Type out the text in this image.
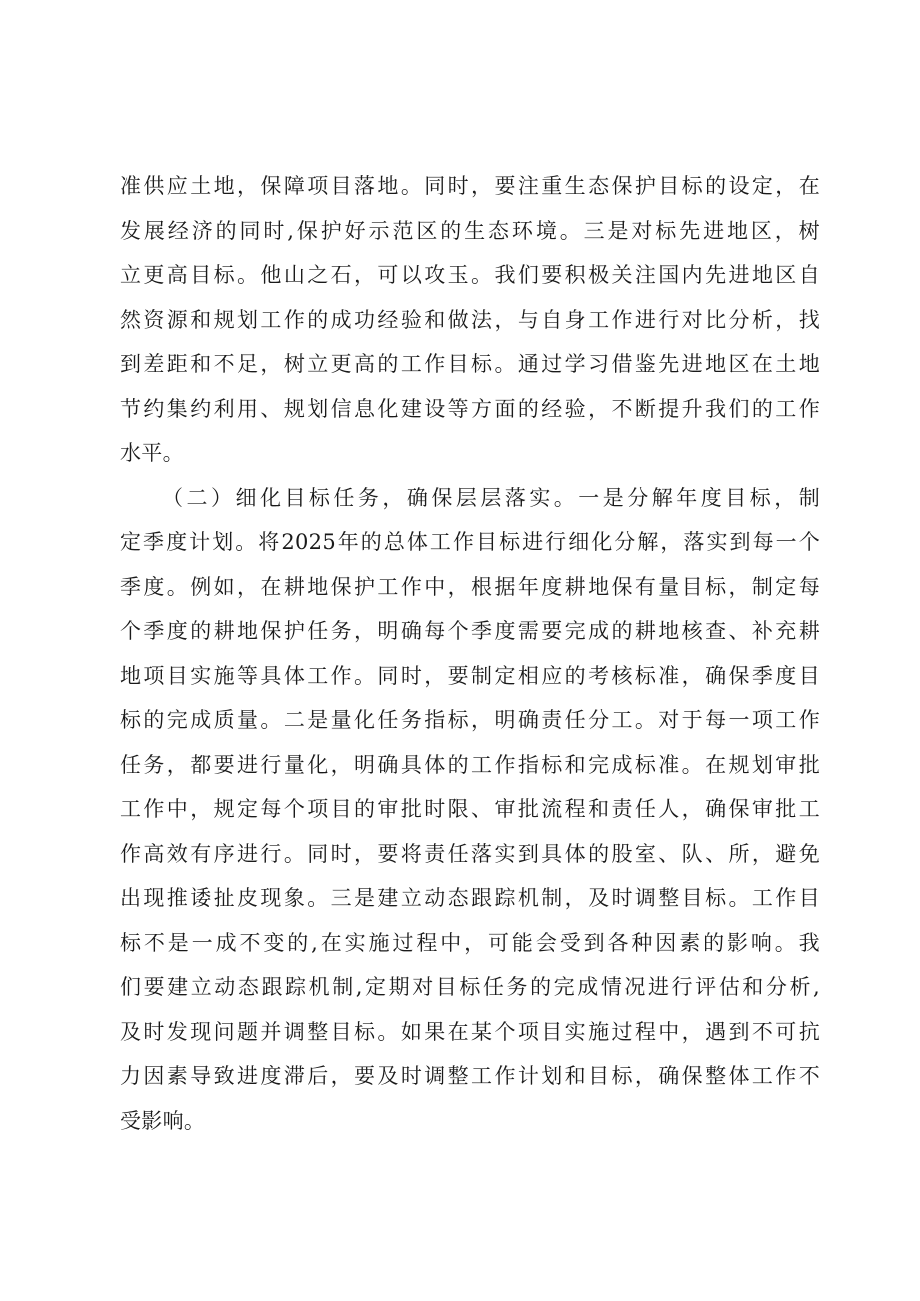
准供应土地，保障项目落地。同时，要注重生态保护目标的设定，在
发展经济的同时,保护好示范区的生态环境。三是对标先进地区，树
立更高目标。他山之石，可以攻玉。我们要积极关注国内先进地区自
然资源和规划工作的成功经验和做法，与自身工作进行对比分析，找
到差距和不足，树立更高的工作目标。通过学习借鉴先进地区在土地
节约集约利用、规划信息化建设等方面的经验，不断提升我们的工作
水平。
（二）细化目标任务，确保层层落实。一是分解年度目标，制
定季度计划。将2025年的总体工作目标进行细化分解，落实到每一个
季度。例如，在耕地保护工作中，根据年度耕地保有量目标，制定每
个季度的耕地保护任务，明确每个季度需要完成的耕地核查、补充耕
地项目实施等具体工作。同时，要制定相应的考核标准，确保季度目
标的完成质量。二是量化任务指标，明确责任分工。对于每一项工作
任务，都要进行量化，明确具体的工作指标和完成标准。在规划审批
工作中，规定每个项目的审批时限、审批流程和责任人，确保审批工
作高效有序进行。同时，要将责任落实到具体的股室、队、所，避免
出现推诿扯皮现象。三是建立动态跟踪机制，及时调整目标。工作目
标不是一成不变的,在实施过程中，可能会受到各种因素的影响。我
们要建立动态跟踪机制,定期对目标任务的完成情况进行评估和分析,
及时发现问题并调整目标。如果在某个项目实施过程中，遇到不可抗
力因素导致进度滞后，要及时调整工作计划和目标，确保整体工作不
受影响。
